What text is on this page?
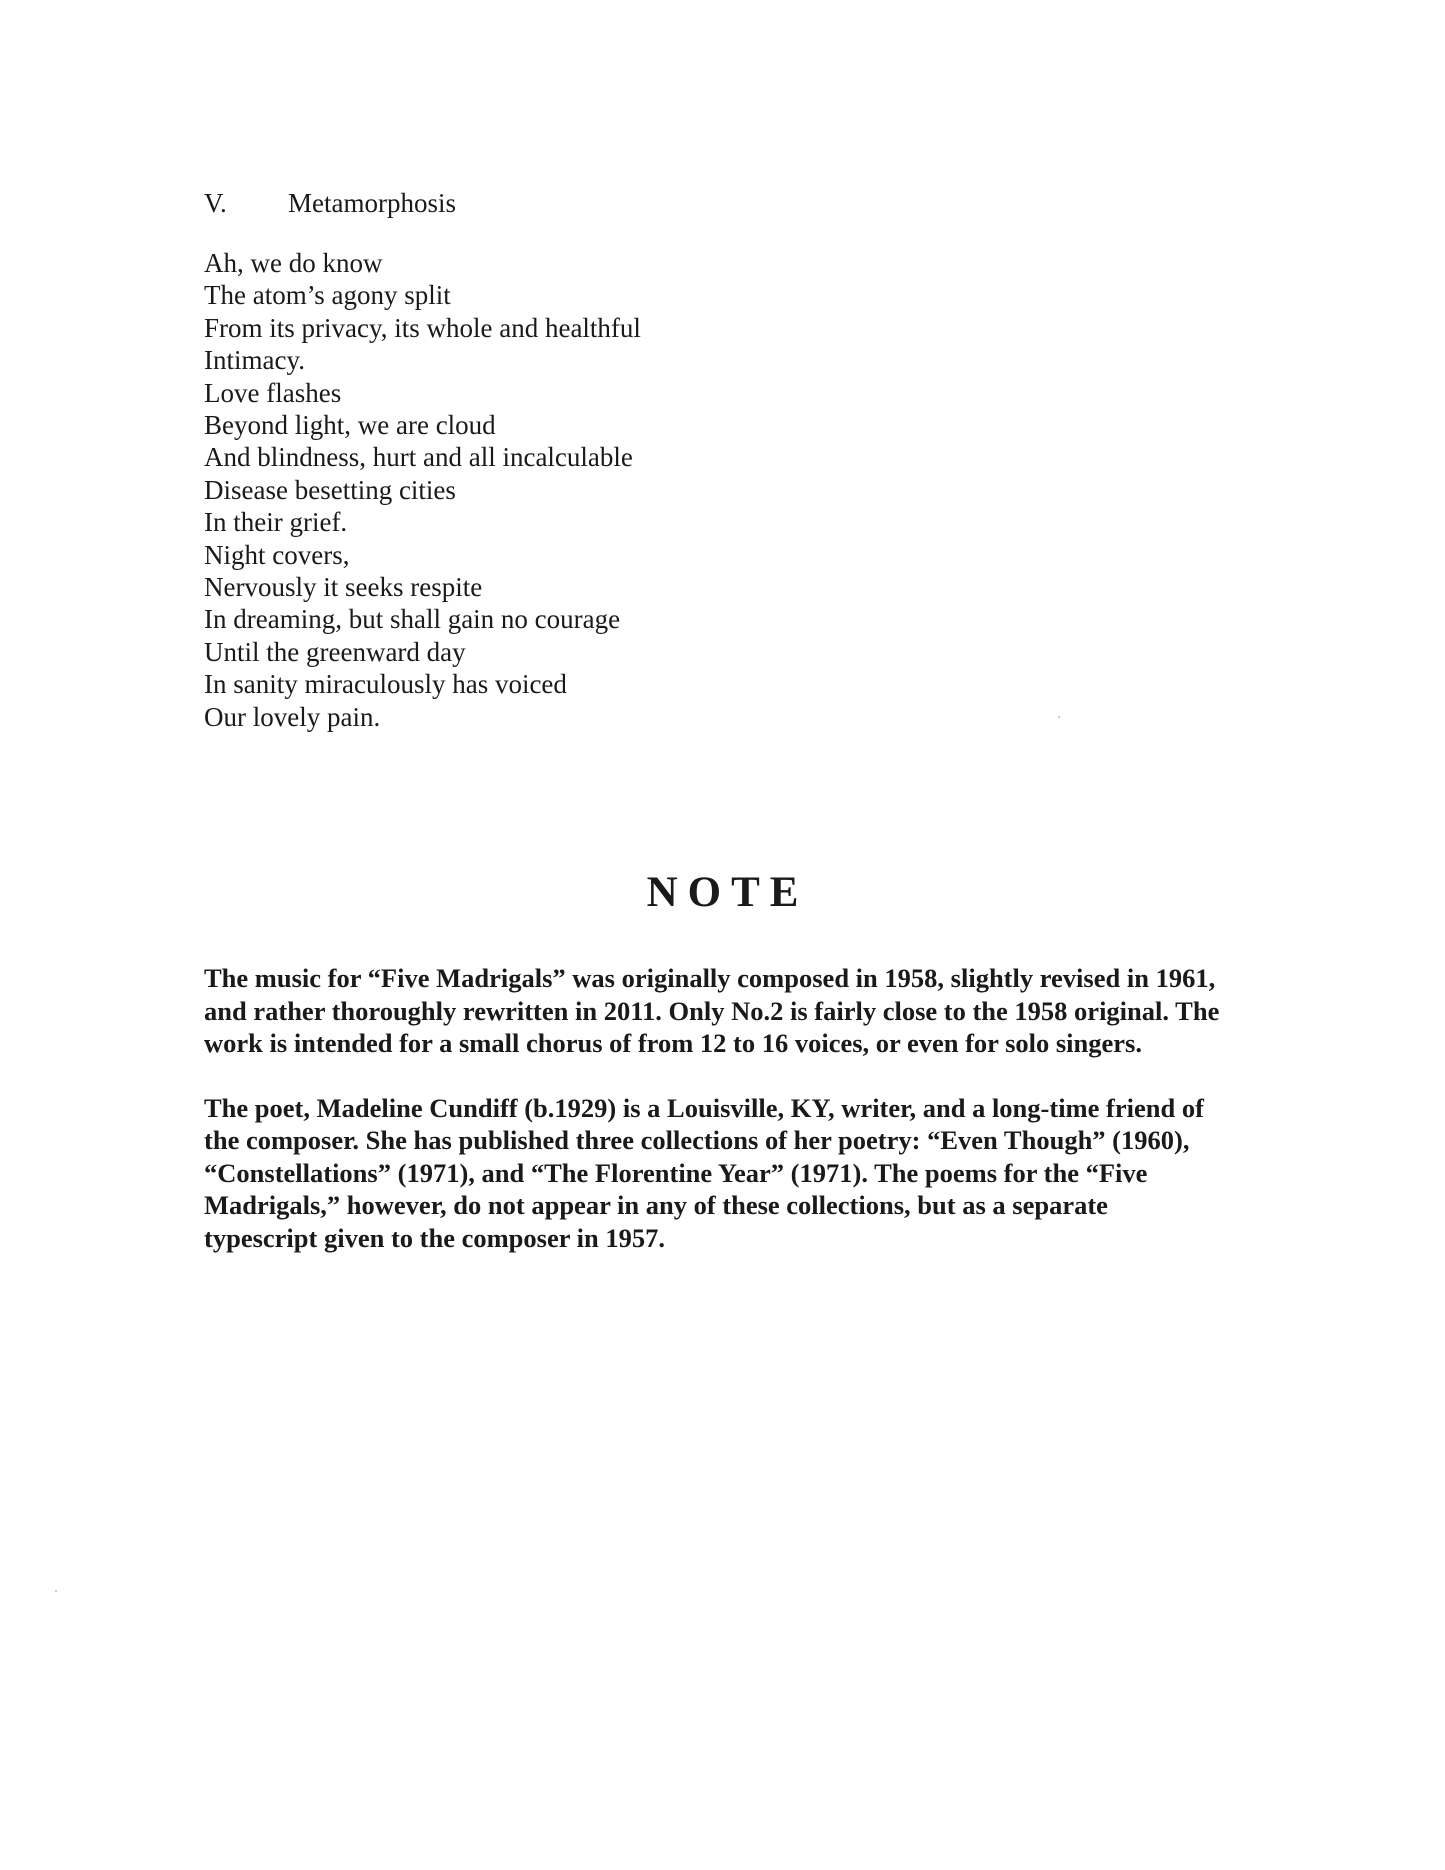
V. Metamorphosis
Ah, we do know
The atom’s agony split
From its privacy, its whole and healthful
Intimacy.
Love flashes
Beyond light, we are cloud
And blindness, hurt and all incalculable
Disease besetting cities
In their grief.
Night covers,
Nervously it seeks respite
In dreaming, but shall gain no courage
Until the greenward day
In sanity miraculously has voiced
Our lovely pain.
NOTE

The music for “Five Madrigals” was originally composed in 1958, slightly revised in 1961, and rather thoroughly rewritten in 2011. Only No.2 is fairly close to the 1958 original. The work is intended for a small chorus of from 12 to 16 voices, or even for solo singers.

The poet, Madeline Cundiff (b.1929) is a Louisville, KY, writer, and a long-time friend of the composer. She has published three collections of her poetry: “Even Though” (1960), “Constellations” (1971), and “The Florentine Year” (1971). The poems for the “Five Madrigals,” however, do not appear in any of these collections, but as a separate typescript given to the composer in 1957.
